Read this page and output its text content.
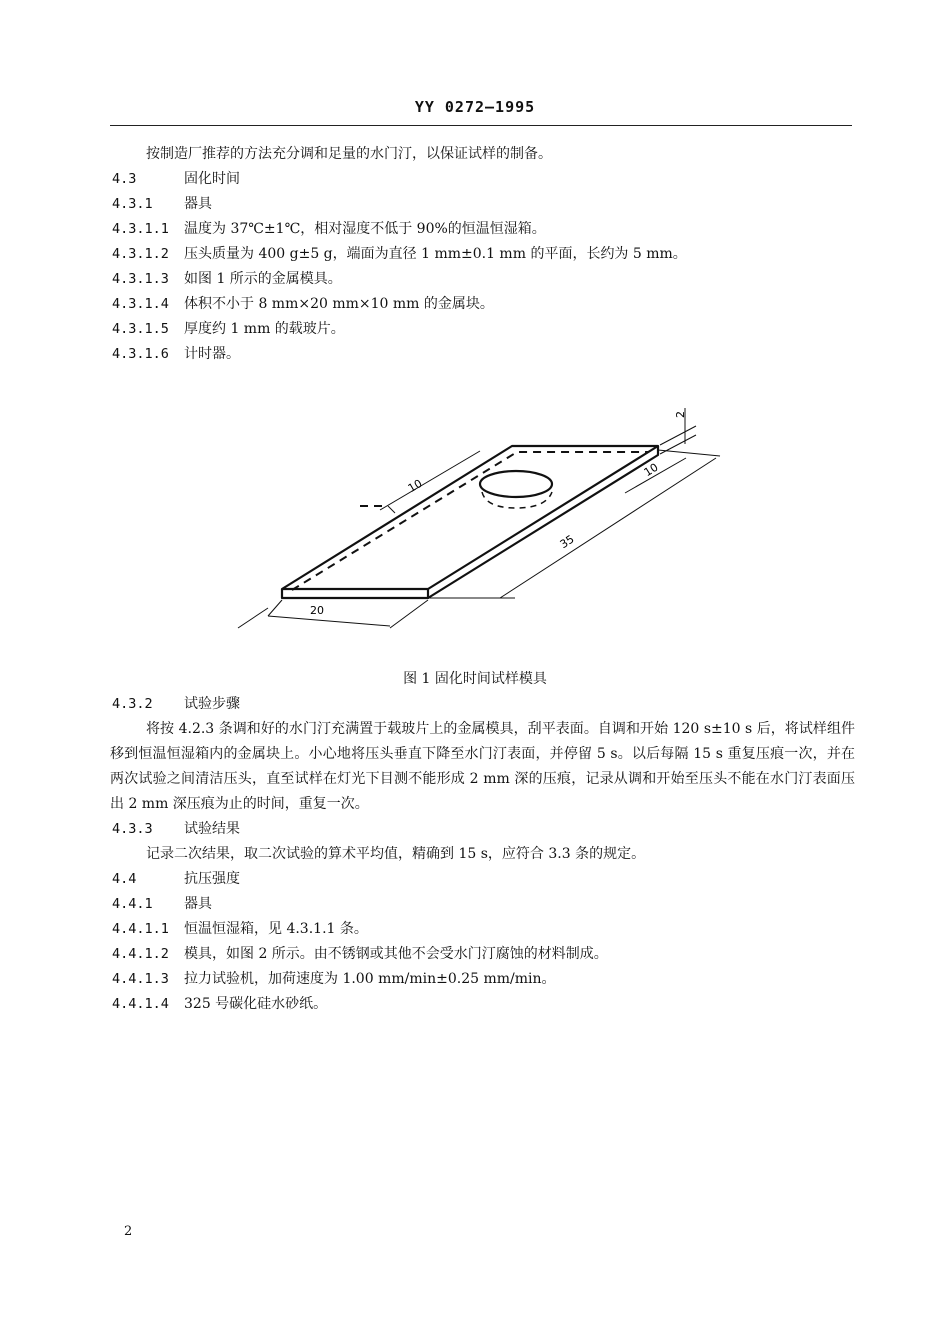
YY 0272—1995
按制造厂推荐的方法充分调和足量的水门汀，以保证试样的制备。
4.3	固化时间
4.3.1 器具
4.3.1.1 温度为 37℃±1℃，相对湿度不低于 90%的恒温恒湿箱。
4.3.1.2 压头质量为 400 g±5 g，端面为直径 1 mm±0.1 mm 的平面，长约为 5 mm。
4.3.1.3 如图 1 所示的金属模具。
4.3.1.4 体积不小于 8 mm×20 mm×10 mm 的金属块。
4.3.1.5 厚度约 1 mm 的载玻片。
4.3.1.6 计时器。
2
10
10
35
20
图 1 固化时间试样模具
4.3.2 试验步骤
将按 4.2.3 条调和好的水门汀充满置于载玻片上的金属模具，刮平表面。自调和开始 120 s±10 s 后，将试样组件移到恒温恒湿箱内的金属块上。小心地将压头垂直下降至水门汀表面，并停留 5 s。以后每隔 15 s 重复压痕一次，并在两次试验之间清洁压头，直至试样在灯光下目测不能形成 2 mm 深的压痕，记录从调和开始至压头不能在水门汀表面压出 2 mm 深压痕为止的时间，重复一次。
4.3.3 试验结果
记录二次结果，取二次试验的算术平均值，精确到 15 s，应符合 3.3 条的规定。
4.4	抗压强度
4.4.1 器具
4.4.1.1 恒温恒湿箱，见 4.3.1.1 条。
4.4.1.2 模具，如图 2 所示。由不锈钢或其他不会受水门汀腐蚀的材料制成。
4.4.1.3 拉力试验机，加荷速度为 1.00 mm/min±0.25 mm/min。
4.4.1.4 325 号碳化硅水砂纸。
2
